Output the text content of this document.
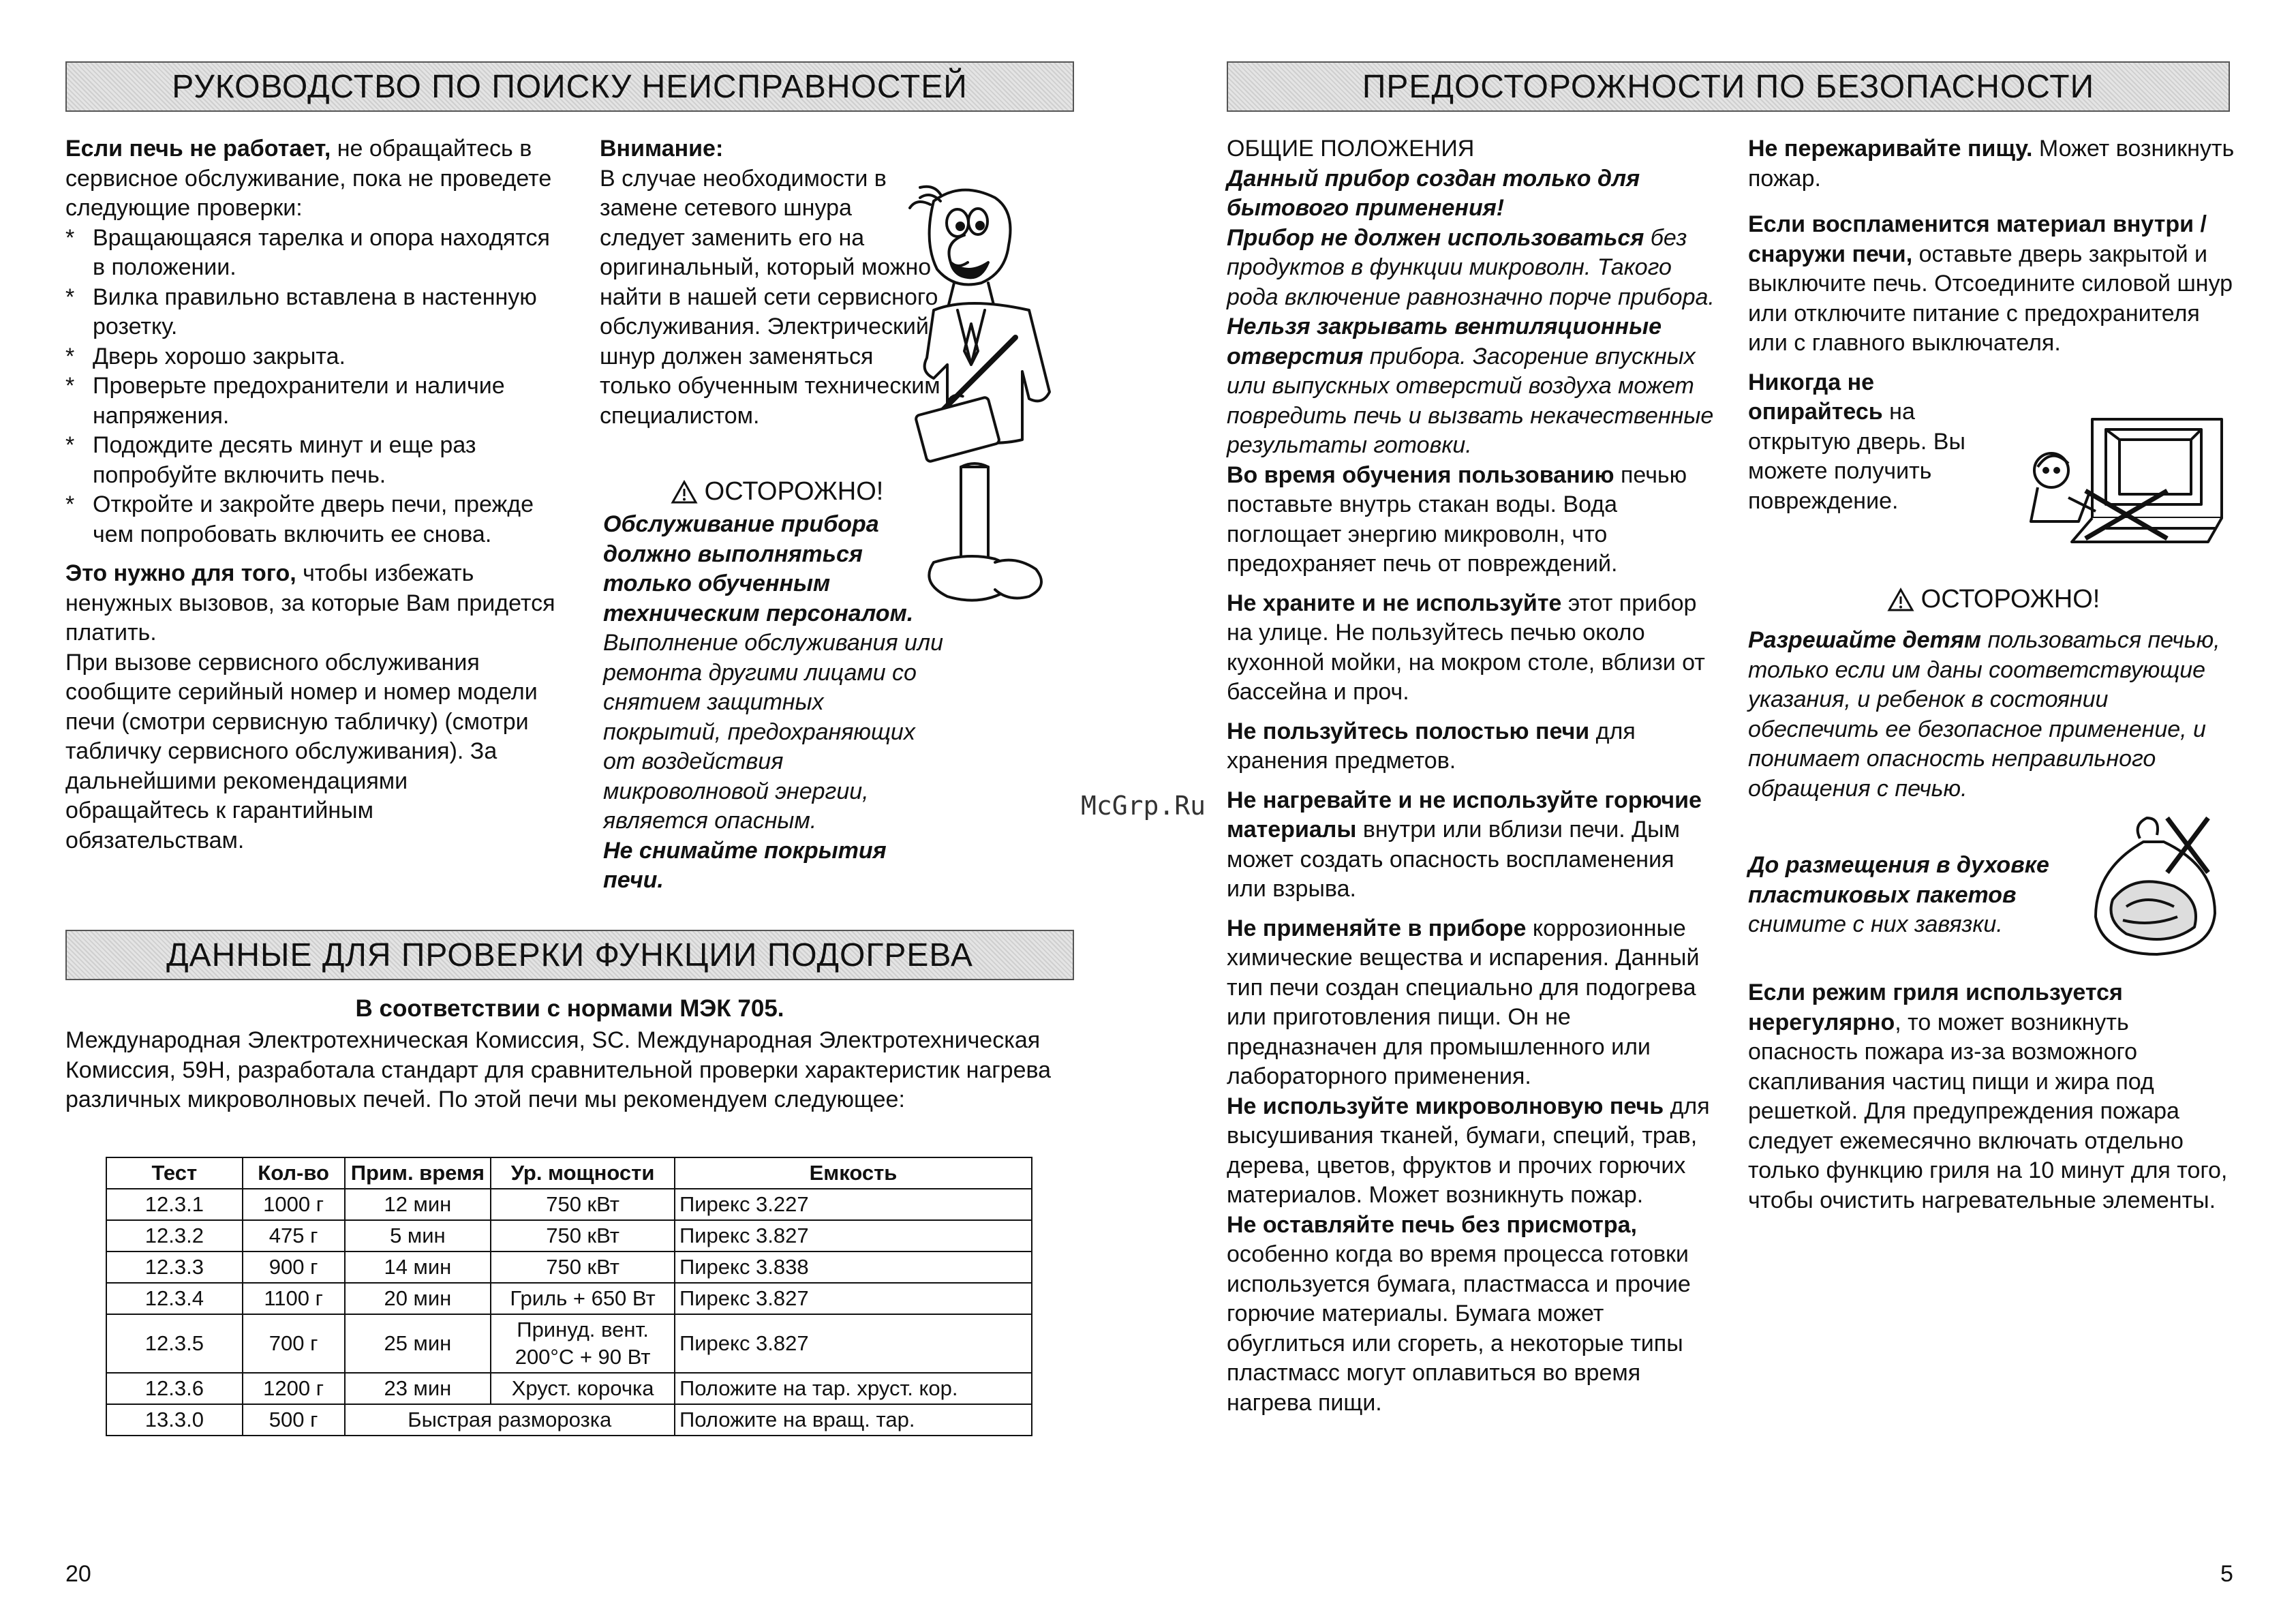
РУКОВОДСТВО ПО ПОИСКУ НЕИСПРАВНОСТЕЙ
Если печь не работает, не обращайтесь в сервисное обслуживание, пока не проведете следующие проверки:
* Вращающаяся тарелка и опора находятся в положении.
* Вилка правильно вставлена в настенную розетку.
* Дверь хорошо закрыта.
* Проверьте предохранители и наличие напряжения.
* Подождите десять минут и еще раз попробуйте включить печь.
* Откройте и закройте дверь печи, прежде чем попробовать включить ее снова.
Это нужно для того, чтобы избежать ненужных вызовов, за которые Вам придется платить.
При вызове сервисного обслуживания сообщите серийный номер и номер модели печи (смотри сервисную табличку) (смотри табличку сервисного обслуживания). За дальнейшими рекомендациями обращайтесь к гарантийным обязательствам.
Внимание:
В случае необходимости в замене сетевого шнура следует заменить его на оригинальный, который можно найти в нашей сети сервисного обслуживания. Электрический шнур должен заменяться только обученным техническим специалистом.
ОСТОРОЖНО!
Обслуживание прибора должно выполняться только обученным техническим персоналом.
Выполнение обслуживания или ремонта другими лицами со снятием защитных покрытий, предохраняющих от воздействия микроволновой энергии, является опасным.
Не снимайте покрытия печи.
ДАННЫЕ ДЛЯ ПРОВЕРКИ ФУНКЦИИ ПОДОГРЕВА
В соответствии с нормами МЭК 705.
Международная Электротехническая Комиссия, SC. Международная Электротехническая Комиссия, 59H, разработала стандарт для сравнительной проверки характеристик нагрева различных микроволновых печей. По этой печи мы рекомендуем следующее:
Тест	Кол-во	Прим. время	Ур. мощности	Емкость
12.3.1	1000 г	12 мин	750 кВт	Пирекс 3.227
12.3.2	475 г	5 мин	750 кВт	Пирекс 3.827
12.3.3	900 г	14 мин	750 кВт	Пирекс 3.838
12.3.4	1100 г	20 мин	Гриль + 650 Вт	Пирекс 3.827
12.3.5	700 г	25 мин	Принуд. вент. 200°С + 90 Вт	Пирекс 3.827
12.3.6	1200 г	23 мин	Хруст. корочка	Положите на тар. хруст. кор.
13.3.0	500 г	Быстрая разморозка		Положите на вращ. тар.
20
McGrp.Ru
ПРЕДОСТОРОЖНОСТИ ПО БЕЗОПАСНОСТИ
ОБЩИЕ ПОЛОЖЕНИЯ
Данный прибор создан только для бытового применения!
Прибор не должен использоваться без продуктов в функции микроволн. Такого рода включение равнозначно порче прибора.
Нельзя закрывать вентиляционные отверстия прибора. Засорение впускных или выпускных отверстий воздуха может повредить печь и вызвать некачественные результаты готовки.
Во время обучения пользованию печью поставьте внутрь стакан воды. Вода поглощает энергию микроволн, что предохраняет печь от повреждений.
Не храните и не используйте этот прибор на улице. Не пользуйтесь печью около кухонной мойки, на мокром столе, вблизи от бассейна и проч.
Не пользуйтесь полостью печи для хранения предметов.
Не нагревайте и не используйте горючие материалы внутри или вблизи печи. Дым может создать опасность воспламенения или взрыва.
Не применяйте в приборе коррозионные химические вещества и испарения. Данный тип печи создан специально для подогрева или приготовления пищи. Он не предназначен для промышленного или лабораторного применения.
Не используйте микроволновую печь для высушивания тканей, бумаги, специй, трав, дерева, цветов, фруктов и прочих горючих материалов. Может возникнуть пожар.
Не оставляйте печь без присмотра, особенно когда во время процесса готовки используется бумага, пластмасса и прочие горючие материалы. Бумага может обуглиться или сгореть, а некоторые типы пластмасс могут оплавиться во время нагрева пищи.
Не пережаривайте пищу. Может возникнуть пожар.
Если воспламенится материал внутри / снаружи печи, оставьте дверь закрытой и выключите печь. Отсоедините силовой шнур или отключите питание с предохранителя или с главного выключателя.
Никогда не опирайтесь на открытую дверь. Вы можете получить повреждение.
ОСТОРОЖНО!
Разрешайте детям пользоваться печью, только если им даны соответствующие указания, и ребенок в состоянии обеспечить ее безопасное применение, и понимает опасность неправильного обращения с печью.
До размещения в духовке пластиковых пакетов снимите с них завязки.
Если режим гриля используется нерегулярно, то может возникнуть опасность пожара из-за возможного скапливания частиц пищи и жира под решеткой. Для предупреждения пожара следует ежемесячно включать отдельно только функцию гриля на 10 минут для того, чтобы очистить нагревательные элементы.
5
